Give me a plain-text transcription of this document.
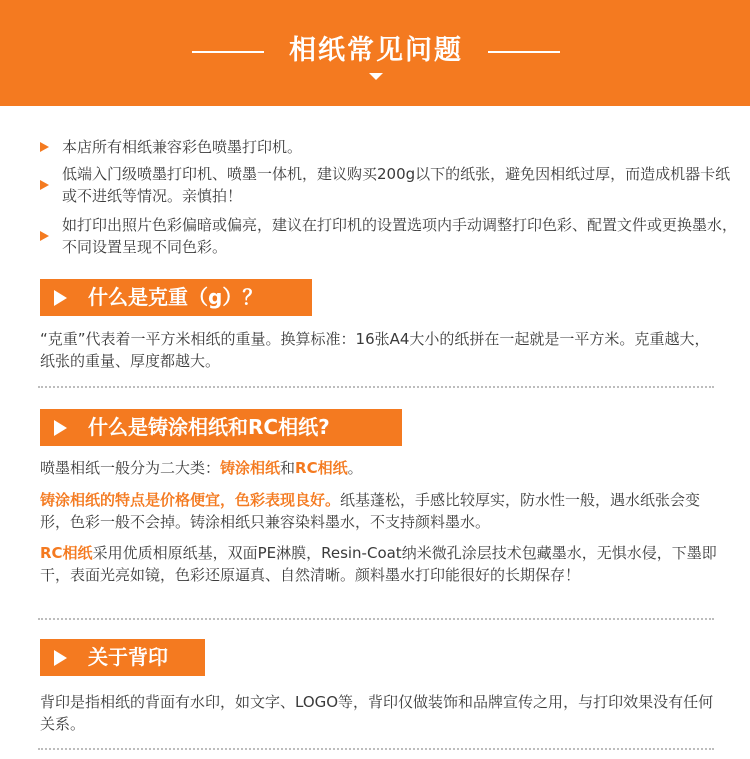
相纸常见问题
本店所有相纸兼容彩色喷墨打印机。
低端入门级喷墨打印机、喷墨一体机，建议购买200g以下的纸张，避免因相纸过厚，而造成机器卡纸或不进纸等情况。亲慎拍！
如打印出照片色彩偏暗或偏亮，建议在打印机的设置选项内手动调整打印色彩、配置文件或更换墨水，不同设置呈现不同色彩。
什么是克重（g）？
“克重”代表着一平方米相纸的重量。换算标准：16张A4大小的纸拼在一起就是一平方米。克重越大，纸张的重量、厚度都越大。
什么是铸涂相纸和RC相纸?
喷墨相纸一般分为二大类：铸涂相纸和RC相纸。
铸涂相纸的特点是价格便宜，色彩表现良好。纸基蓬松，手感比较厚实，防水性一般，遇水纸张会变形，色彩一般不会掉。铸涂相纸只兼容染料墨水，不支持颜料墨水。
RC相纸采用优质相原纸基，双面PE淋膜，Resin-Coat纳米微孔涂层技术包藏墨水，无惧水侵，下墨即干，表面光亮如镜，色彩还原逼真、自然清晰。颜料墨水打印能很好的长期保存！
关于背印
背印是指相纸的背面有水印，如文字、LOGO等，背印仅做装饰和品牌宣传之用，与打印效果没有任何关系。
